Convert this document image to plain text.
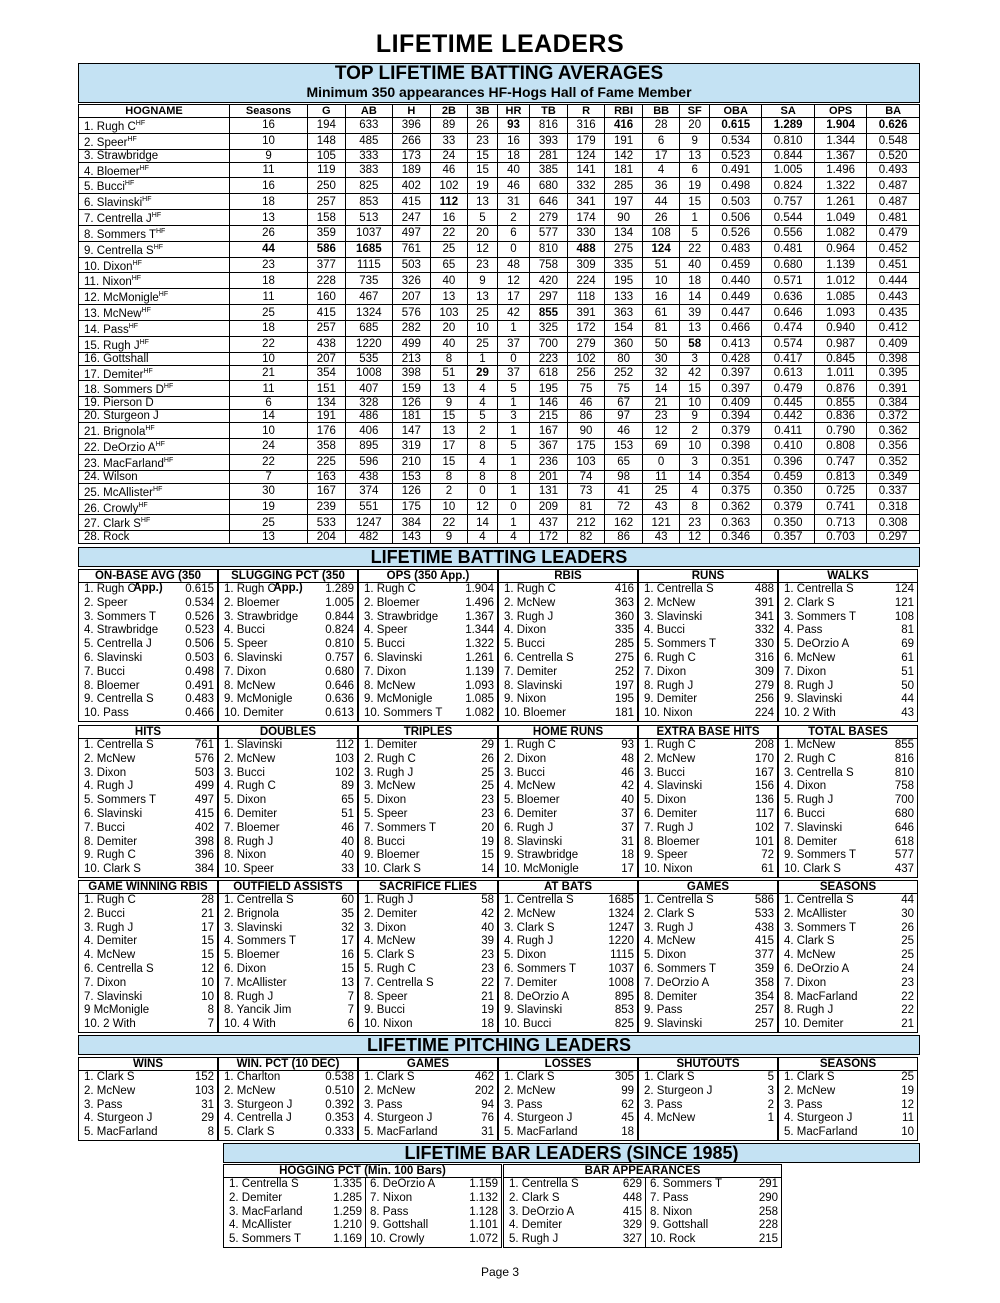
LIFETIME LEADERS
TOP LIFETIME BATTING AVERAGES
Minimum 350 appearances HF-Hogs Hall of Fame Member
HOGNAME	Seasons	G	AB	H	2B	3B	HR	TB	R	RBI	BB	SF	OBA	SA	OPS	BA
1. Rugh $C^{HF}$	16	194	633	396	89	26	93	816	316	416	28	20	0.615	1.289	1.904	0.626
2. Speer$^{HF}$	10	148	485	266	33	23	16	393	179	191	6	9	0.534	0.810	1.344	0.548
3. Strawbridge	9	105	333	173	24	15	18	281	124	142	17	13	0.523	0.844	1.367	0.520
4. Bloemer$^{HF}$	11	119	383	189	46	15	40	385	141	181	4	6	0.491	1.005	1.496	0.493
5. Bucci$^{HF}$	16	250	825	402	102	19	46	680	332	285	36	19	0.498	0.824	1.322	0.487
6. Slavinski$^{HF}$	18	257	853	415	112	13	31	646	341	197	44	15	0.503	0.757	1.261	0.487
7. Centrella $J^{HF}$	13	158	513	247	16	5	2	279	174	90	26	1	0.506	0.544	1.049	0.481
8. Sommers $T^{HF}$	26	359	1037	497	22	20	6	577	330	134	108	5	0.526	0.556	1.082	0.479
9. Centrella $S^{HF}$	44	586	1685	761	25	12	0	810	488	275	124	22	0.483	0.481	0.964	0.452
10. Dixon$^{HF}$	23	377	1115	503	65	23	48	758	309	335	51	40	0.459	0.680	1.139	0.451
11. Nixon$^{HF}$	18	228	735	326	40	9	12	420	224	195	10	18	0.440	0.571	1.012	0.444
12. McMonigle$^{HF}$	11	160	467	207	13	13	17	297	118	133	16	14	0.449	0.636	1.085	0.443
13. McNew$^{HF}$	25	415	1324	576	103	25	42	855	391	363	61	39	0.447	0.646	1.093	0.435
14. Pass$^{HF}$	18	257	685	282	20	10	1	325	172	154	81	13	0.466	0.474	0.940	0.412
15. Rugh $J^{HF}$	22	438	1220	499	40	25	37	700	279	360	50	58	0.413	0.574	0.987	0.409
16. Gottshall	10	207	535	213	8	1	0	223	102	80	30	3	0.428	0.417	0.845	0.398
17. Demiter$^{HF}$	21	354	1008	398	51	29	37	618	256	252	32	42	0.397	0.613	1.011	0.395
18. Sommers $D^{HF}$	11	151	407	159	13	4	5	195	75	75	14	15	0.397	0.479	0.876	0.391
19. Pierson D	6	134	328	126	9	4	1	146	46	67	21	10	0.409	0.445	0.855	0.384
20. Sturgeon J	14	191	486	181	15	5	3	215	86	97	23	9	0.394	0.442	0.836	0.372
21. Brignola$^{HF}$	10	176	406	147	13	2	1	167	90	46	12	2	0.379	0.411	0.790	0.362
22. DeOrzio $A^{HF}$	24	358	895	319	17	8	5	367	175	153	69	10	0.398	0.410	0.808	0.356
23. MacFarland$^{HF}$	22	225	596	210	15	4	1	236	103	65	0	3	0.351	0.396	0.747	0.352
24. Wilson	7	163	438	153	8	8	8	201	74	98	11	14	0.354	0.459	0.813	0.349
25. McAllister$^{HF}$	30	167	374	126	2	0	1	131	73	41	25	4	0.375	0.350	0.725	0.337
26. Crowly$^{HF}$	19	239	551	175	10	12	0	209	81	72	43	8	0.362	0.379	0.741	0.318
27. Clark $S^{HF}$	25	533	1247	384	22	14	1	437	212	162	121	23	0.363	0.350	0.713	0.308
28. Rock	13	204	482	143	9	4	4	172	82	86	43	12	0.346	0.357	0.703	0.297
LIFETIME BATTING LEADERS
ON-BASE AVG (350 App.)
1. Rugh C	0.615
2. Speer	0.534
3. Sommers T	0.526
4. Strawbridge 0.523
5. Centrella J	0.506
6. Slavinski	0.503
7. Bucci	0.498
8. Bloemer	0.491
9. Centrella S	0.483
10. Pass	0.466
SLUGGING PCT (350 App.)
1. Rugh C	1.289
2. Bloemer	1.005
3. Strawbridge 0.844
4. Bucci	0.824
5. Speer	0.810
6. Slavinski	0.757
7. Dixon	0.680
8. McNew	0.646
9. McMonigle	0.636
10. Demiter	0.613
OPS (350 App.)
1. Rugh C	1.904
2. Bloemer	1.496
3. Strawbridge 1.367
4. Speer	1.344
5. Bucci	1.322
6. Slavinski	1.261
7. Dixon	1.139
8. McNew	1.093
9. McMonigle	1.085
10. Sommers T 1.082
RBIS
1. Rugh C	416
2. McNew	363
3. Rugh J	360
4. Dixon	335
5. Bucci	285
6. Centrella S	275
7. Demiter	252
8. Slavinski	197
9. Nixon	195
10. Bloemer	181
RUNS
1. Centrella S	488
2. McNew	391
3. Slavinski	341
4. Bucci	332
5. Sommers T	330
6. Rugh C	316
7. Dixon	309
8. Rugh J	279
9. Demiter	256
10. Nixon	224
WALKS
1. Centrella S	124
2. Clark S	121
3. Sommers T	108
4. Pass	81
5. DeOrzio A	69
6. McNew	61
7. Dixon	51
8. Rugh J	50
9. Slavinski	44
10. 2 With	43
HITS
1. Centrella S	761
2. McNew	576
3. Dixon	503
4. Rugh J	499
5. Sommers T	497
6. Slavinski	415
7. Bucci	402
8. Demiter	398
9. Rugh C	396
10. Clark S	384
DOUBLES
1. Slavinski	112
2. McNew	103
3. Bucci	102
4. Rugh C	89
5. Dixon	65
6. Demiter	51
7. Bloemer	46
8. Rugh J	40
8. Nixon	40
10. Speer	33
TRIPLES
1. Demiter	29
2. Rugh C	26
3. Rugh J	25
3. McNew	25
5. Dixon	23
5. Speer	23
7. Sommers T	20
8. Bucci	19
9. Bloemer	15
10. Clark S	14
HOME RUNS
1. Rugh C	93
2. Dixon	48
3. Bucci	46
4. McNew	42
5. Bloemer	40
6. Demiter	37
6. Rugh J	37
8. Slavinski	31
9. Strawbridge	18
10. McMonigle	17
EXTRA BASE HITS
1. Rugh C	208
2. McNew	170
3. Bucci	167
4. Slavinski	156
5. Dixon	136
6. Demiter	117
7. Rugh J	102
8. Bloemer	101
9. Speer	72
10. Nixon	61
TOTAL BASES
1. McNew	855
2. Rugh C	816
3. Centrella S	810
4. Dixon	758
5. Rugh J	700
6. Bucci	680
7. Slavinski	646
8. Demiter	618
9. Sommers T	577
10. Clark S	437
GAME WINNING RBIS
1. Rugh C	28
2. Bucci	21
3. Rugh J	17
4. Demiter	15
4. McNew	15
6. Centrella S	12
7. Dixon	10
7. Slavinski	10
9 McMonigle	8
10. 2 With	7
OUTFIELD ASSISTS
1. Centrella S	60
2. Brignola	35
3. Slavinski	32
4. Sommers T	17
5. Bloemer	16
6. Dixon	15
7. McAllister	13
8. Rugh J	7
8. Yancik Jim	7
10. 4 With	6
SACRIFICE FLIES
1. Rugh J	58
2. Demiter	42
3. Dixon	40
4. McNew	39
5. Clark S	23
5. Rugh C	23
7. Centrella S	22
8. Speer	21
9. Bucci	19
10. Nixon	18
AT BATS
1. Centrella S	1685
2. McNew	1324
3. Clark S	1247
4. Rugh J	1220
5. Dixon	1115
6. Sommers T	1037
7. Demiter	1008
8. DeOrzio A	895
9. Slavinski	853
10. Bucci	825
GAMES
1. Centrella S	586
2. Clark S	533
3. Rugh J	438
4. McNew	415
5. Dixon	377
6. Sommers T	359
7. DeOrzio A	358
8. Demiter	354
9. Pass	257
9. Slavinski	257
SEASONS
1. Centrella S	44
2. McAllister	30
3. Sommers T	26
4. Clark S	25
4. McNew	25
6. DeOrzio A	24
7. Dixon	23
8. MacFarland	22
8. Rugh J	22
10. Demiter	21
LIFETIME PITCHING LEADERS
WINS
1. Clark S	152
2. McNew	103
3. Pass	31
4. Sturgeon J	29
5. MacFarland	8
WIN. PCT (10 DEC)
1. Charlton	0.538
2. McNew	0.510
3. Sturgeon J	0.392
4. Centrella J	0.353
5. Clark S	0.333
GAMES
1. Clark S	462
2. McNew	202
3. Pass	94
4. Sturgeon J	76
5. MacFarland	31
LOSSES
1. Clark S	305
2. McNew	99
3. Pass	62
4. Sturgeon J	45
5. MacFarland	18
SHUTOUTS
1. Clark S	5
2. Sturgeon J	3
3. Pass	2
4. McNew	1
SEASONS
1. Clark S	25
2. McNew	19
3. Pass	12
4. Sturgeon J	11
5. MacFarland	10
LIFETIME BAR LEADERS (SINCE 1985)
HOGGING PCT (Min. 100 Bars)
1. Centrella S	1.335 6. DeOrzio A	1.159
2. Demiter	1.285 7. Nixon	1.132
3. MacFarland	1.259 8. Pass	1.128
4. McAllister	1.210 9. Gottshall	1.101
5. Sommers T	1.169 10. Crowly	1.072
BAR APPEARANCES
1. Centrella S	629 6. Sommers T	291
2. Clark S	448 7. Pass	290
3. DeOrzio A	415 8. Nixon	258
4. Demiter	329 9. Gottshall	228
5. Rugh J	327 10. Rock	215
Page 3
